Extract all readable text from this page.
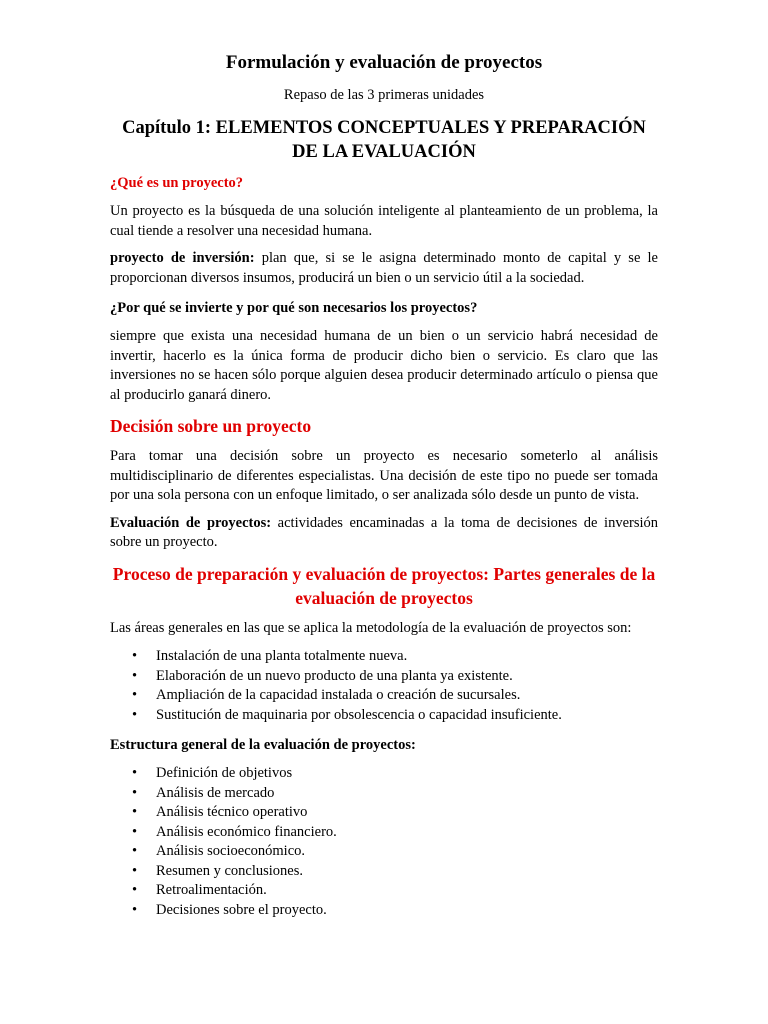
Formulación y evaluación de proyectos
Repaso de las 3 primeras unidades
Capítulo 1: ELEMENTOS CONCEPTUALES Y PREPARACIÓN DE LA EVALUACIÓN
¿Qué es un proyecto?

Un proyecto es la búsqueda de una solución inteligente al planteamiento de un problema, la cual tiende a resolver una necesidad humana.

proyecto de inversión: plan que, si se le asigna determinado monto de capital y se le proporcionan diversos insumos, producirá un bien o un servicio útil a la sociedad.

¿Por qué se invierte y por qué son necesarios los proyectos?

siempre que exista una necesidad humana de un bien o un servicio habrá necesidad de invertir, hacerlo es la única forma de producir dicho bien o servicio. Es claro que las inversiones no se hacen sólo porque alguien desea producir determinado artículo o piensa que al producirlo ganará dinero.

Decisión sobre un proyecto

Para tomar una decisión sobre un proyecto es necesario someterlo al análisis multidisciplinario de diferentes especialistas. Una decisión de este tipo no puede ser tomada por una sola persona con un enfoque limitado, o ser analizada sólo desde un punto de vista.

Evaluación de proyectos: actividades encaminadas a la toma de decisiones de inversión sobre un proyecto.

Proceso de preparación y evaluación de proyectos: Partes generales de la evaluación de proyectos

Las áreas generales en las que se aplica la metodología de la evaluación de proyectos son:

• Instalación de una planta totalmente nueva.
• Elaboración de un nuevo producto de una planta ya existente.
• Ampliación de la capacidad instalada o creación de sucursales.
• Sustitución de maquinaria por obsolescencia o capacidad insuficiente.
Estructura general de la evaluación de proyectos:
• Definición de objetivos
• Análisis de mercado
• Análisis técnico operativo
• Análisis económico financiero.
• Análisis socioeconómico.
• Resumen y conclusiones.
• Retroalimentación.
• Decisiones sobre el proyecto.
